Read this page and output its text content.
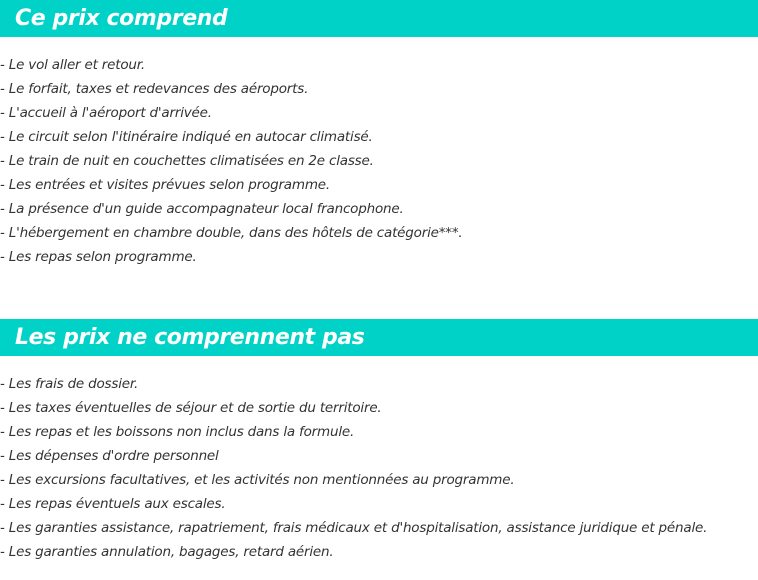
Ce prix comprend
- Le vol aller et retour.
- Le forfait, taxes et redevances des aéroports.
- L'accueil à l'aéroport d'arrivée.
- Le circuit selon l'itinéraire indiqué en autocar climatisé.
- Le train de nuit en couchettes climatisées en 2e classe.
- Les entrées et visites prévues selon programme.
- La présence d'un guide accompagnateur local francophone.
- L'hébergement en chambre double, dans des hôtels de catégorie***.
- Les repas selon programme.
Les prix ne comprennent pas
- Les frais de dossier.
- Les taxes éventuelles de séjour et de sortie du territoire.
- Les repas et les boissons non inclus dans la formule.
- Les dépenses d'ordre personnel
- Les excursions facultatives, et les activités non mentionnées au programme.
- Les repas éventuels aux escales.
- Les garanties assistance, rapatriement, frais médicaux et d'hospitalisation, assistance juridique et pénale.
- Les garanties annulation, bagages, retard aérien.
